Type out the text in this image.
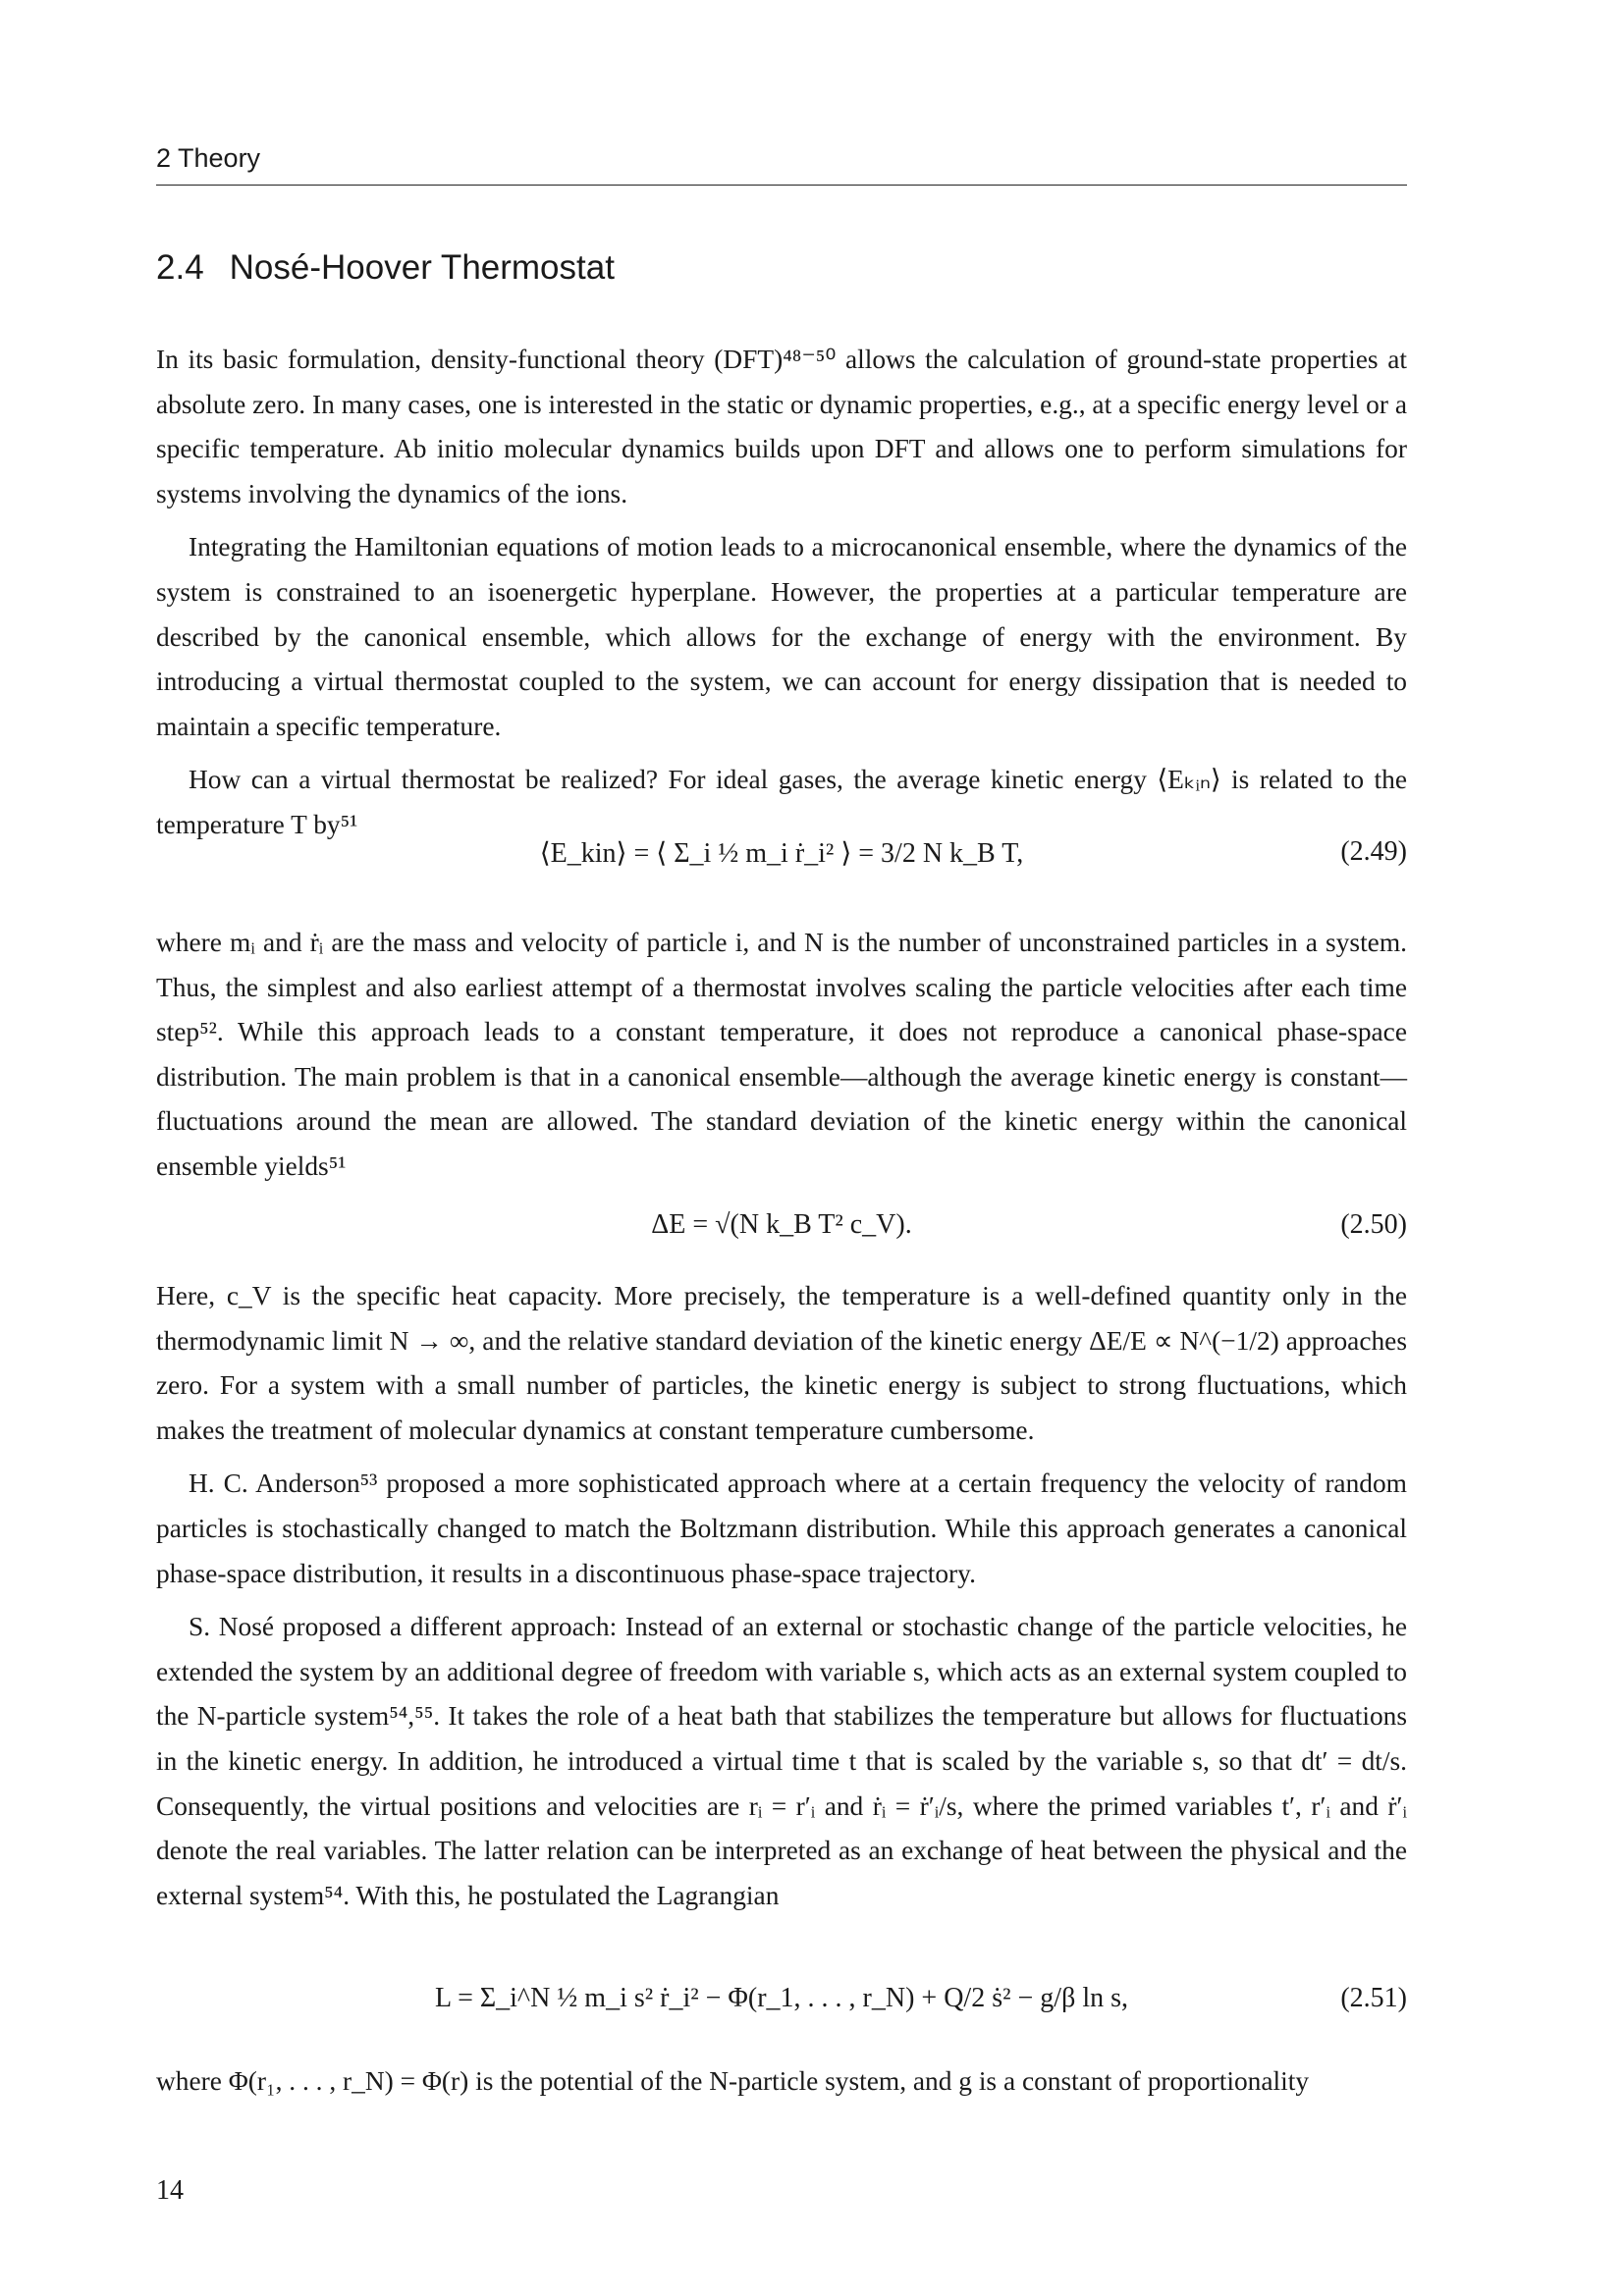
2 Theory
2.4 Nosé-Hoover Thermostat

In its basic formulation, density-functional theory (DFT)⁴⁸⁻⁵⁰ allows the calculation of ground-state properties at absolute zero. In many cases, one is interested in the static or dynamic properties, e.g., at a specific energy level or a specific temperature. Ab initio molecular dynamics builds upon DFT and allows one to perform simulations for systems involving the dynamics of the ions.

Integrating the Hamiltonian equations of motion leads to a microcanonical ensemble, where the dynamics of the system is constrained to an isoenergetic hyperplane. However, the properties at a particular temperature are described by the canonical ensemble, which allows for the exchange of energy with the environment. By introducing a virtual thermostat coupled to the system, we can account for energy dissipation that is needed to maintain a specific temperature.

How can a virtual thermostat be realized? For ideal gases, the average kinetic energy ⟨Eₖᵢₙ⟩ is related to the temperature T by⁵¹

⟨E_kin⟩ = ⟨ Σ_i ½ m_i ṙ_i² ⟩ = 3/2 N k_B T,	(2.49)

where mᵢ and ṙᵢ are the mass and velocity of particle i, and N is the number of unconstrained particles in a system. Thus, the simplest and also earliest attempt of a thermostat involves scaling the particle velocities after each time step⁵². While this approach leads to a constant temperature, it does not reproduce a canonical phase-space distribution. The main problem is that in a canonical ensemble—although the average kinetic energy is constant—fluctuations around the mean are allowed. The standard deviation of the kinetic energy within the canonical ensemble yields⁵¹

ΔE = √(N k_B T² c_V).	(2.50)

Here, c_V is the specific heat capacity. More precisely, the temperature is a well-defined quantity only in the thermodynamic limit N → ∞, and the relative standard deviation of the kinetic energy ΔE/E ∝ N^(−1/2) approaches zero. For a system with a small number of particles, the kinetic energy is subject to strong fluctuations, which makes the treatment of molecular dynamics at constant temperature cumbersome.

H. C. Anderson⁵³ proposed a more sophisticated approach where at a certain frequency the velocity of random particles is stochastically changed to match the Boltzmann distribution. While this approach generates a canonical phase-space distribution, it results in a discontinuous phase-space trajectory.

S. Nosé proposed a different approach: Instead of an external or stochastic change of the particle velocities, he extended the system by an additional degree of freedom with variable s, which acts as an external system coupled to the N-particle system⁵⁴,⁵⁵. It takes the role of a heat bath that stabilizes the temperature but allows for fluctuations in the kinetic energy. In addition, he introduced a virtual time t that is scaled by the variable s, so that dt′ = dt/s. Consequently, the virtual positions and velocities are rᵢ = r′ᵢ and ṙᵢ = ṙ′ᵢ/s, where the primed variables t′, r′ᵢ and ṙ′ᵢ denote the real variables. The latter relation can be interpreted as an exchange of heat between the physical and the external system⁵⁴. With this, he postulated the Lagrangian

L = Σ_i^N ½ m_i s² ṙ_i² − Φ(r_1, . . . , r_N) + Q/2 ṡ² − g/β ln s,	(2.51)

where Φ(r₁, . . . , r_N) = Φ(r) is the potential of the N-particle system, and g is a constant of proportionality

14
